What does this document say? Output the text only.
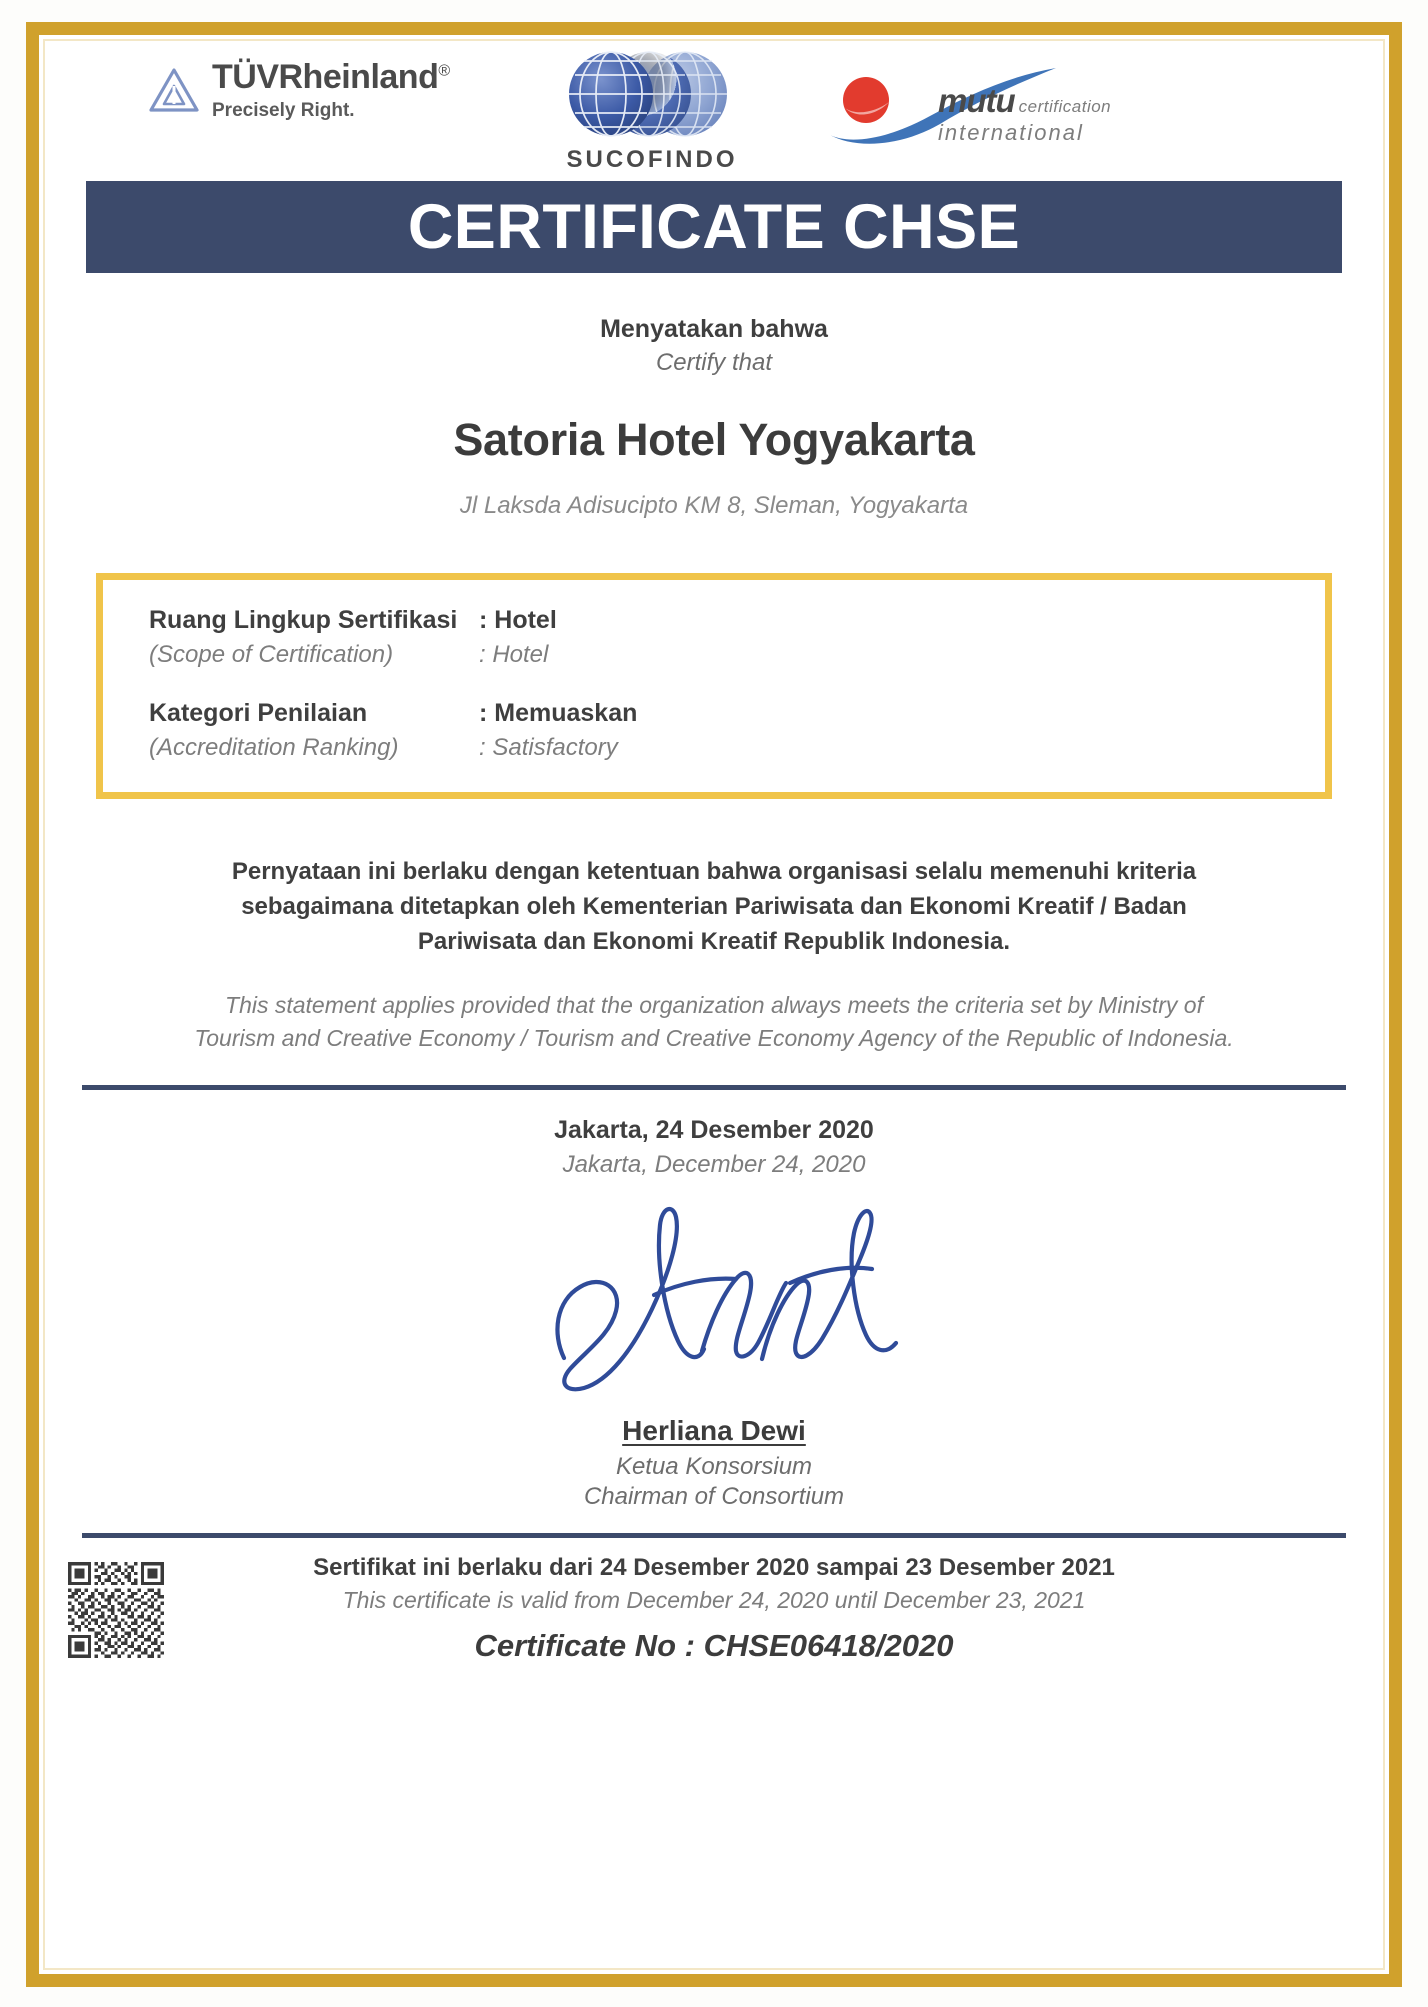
TÜVRheinland®
Precisely Right.
SUCOFINDO
mutu certification
international
CERTIFICATE CHSE
Menyatakan bahwa
Certify that
Satoria Hotel Yogyakarta
Jl Laksda Adisucipto KM 8, Sleman, Yogyakarta
Ruang Lingkup Sertifikasi
(Scope of Certification)
: Hotel
: Hotel
Kategori Penilaian
(Accreditation Ranking)
: Memuaskan
: Satisfactory
Pernyataan ini berlaku dengan ketentuan bahwa organisasi selalu memenuhi kriteria sebagaimana ditetapkan oleh Kementerian Pariwisata dan Ekonomi Kreatif / Badan Pariwisata dan Ekonomi Kreatif Republik Indonesia.
This statement applies provided that the organization always meets the criteria set by Ministry of Tourism and Creative Economy / Tourism and Creative Economy Agency of the Republic of Indonesia.
Jakarta, 24 Desember 2020
Jakarta, December 24, 2020
Herliana Dewi
Ketua Konsorsium
Chairman of Consortium
Sertifikat ini berlaku dari 24 Desember 2020 sampai 23 Desember 2021
This certificate is valid from December 24, 2020 until December 23, 2021
Certificate No : CHSE06418/2020
